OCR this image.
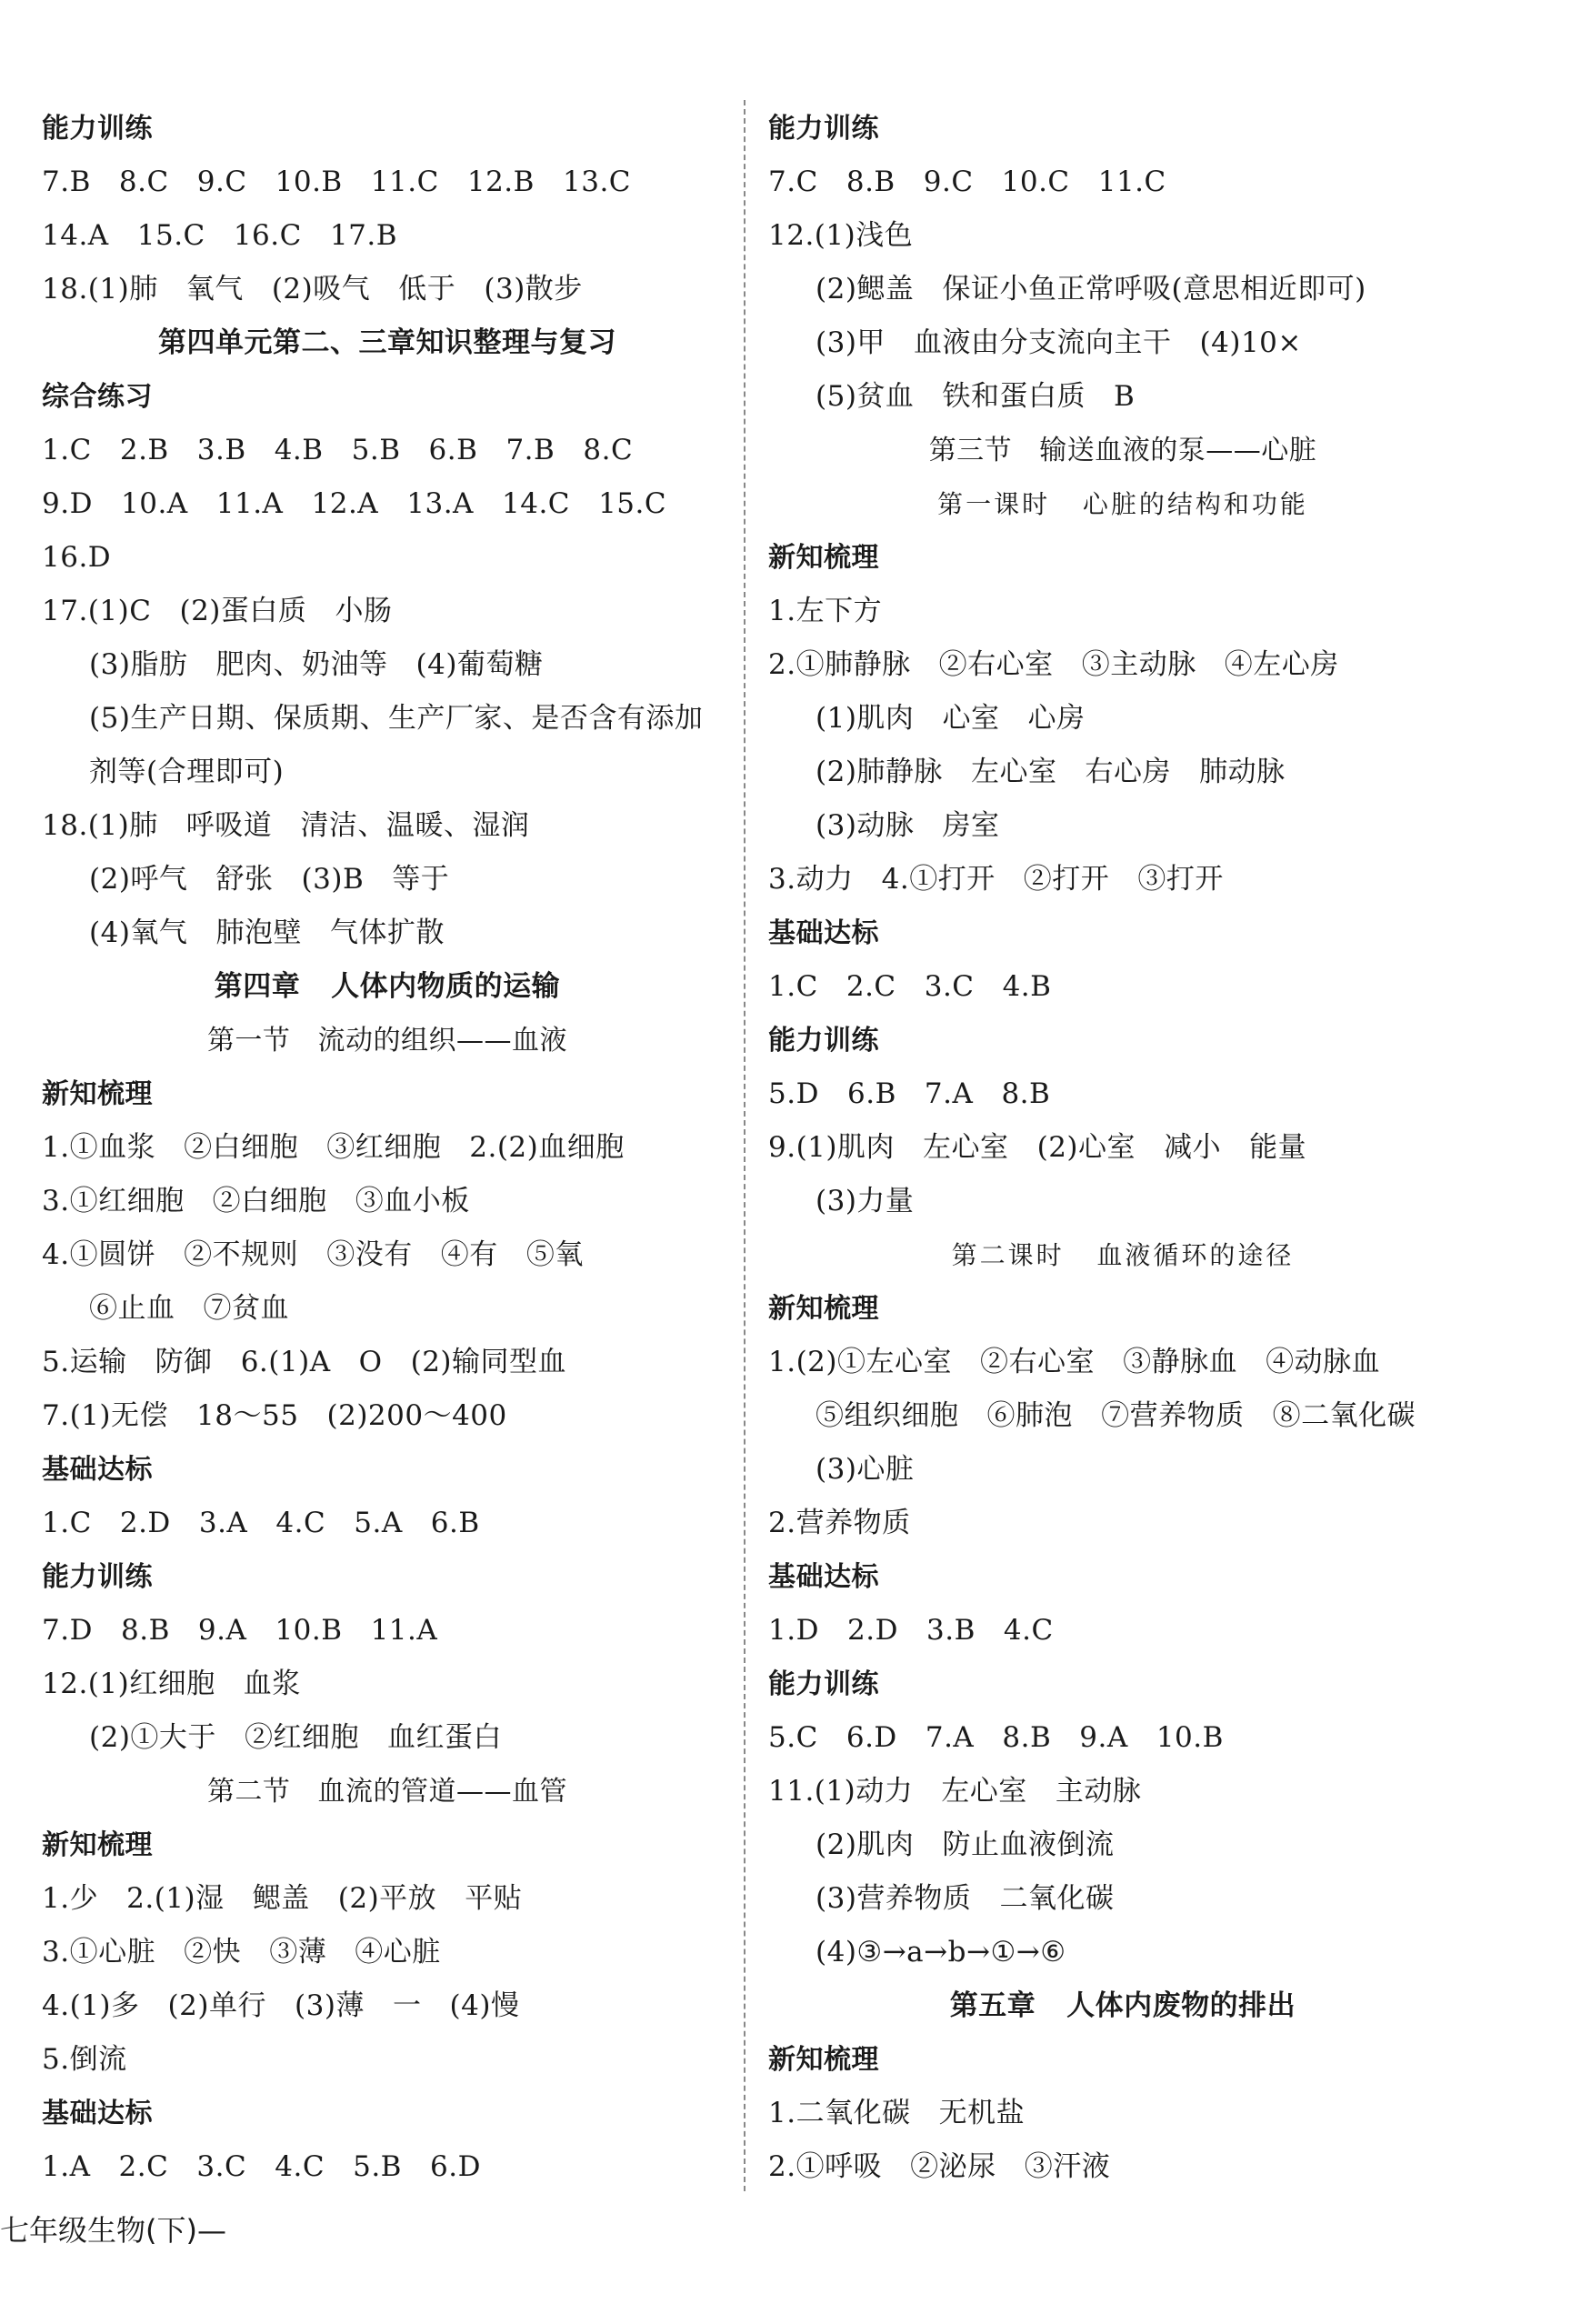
能力训练
7.B   8.C   9.C   10.B   11.C   12.B   13.C
14.A   15.C   16.C   17.B
18.(1)肺   氧气   (2)吸气   低于   (3)散步
第四单元第二、三章知识整理与复习
综合练习
1.C   2.B   3.B   4.B   5.B   6.B   7.B   8.C
9.D   10.A   11.A   12.A   13.A   14.C   15.C
16.D
17.(1)C   (2)蛋白质   小肠
(3)脂肪   肥肉、奶油等   (4)葡萄糖
(5)生产日期、保质期、生产厂家、是否含有添加
剂等(合理即可)
18.(1)肺   呼吸道   清洁、温暖、湿润
(2)呼气   舒张   (3)B   等于
(4)氧气   肺泡壁   气体扩散
第四章   人体内物质的运输
第一节   流动的组织——血液
新知梳理
1.①血浆   ②白细胞   ③红细胞   2.(2)血细胞
3.①红细胞   ②白细胞   ③血小板
4.①圆饼   ②不规则   ③没有   ④有   ⑤氧
⑥止血   ⑦贫血
5.运输   防御   6.(1)A   O   (2)输同型血
7.(1)无偿   18～55   (2)200～400
基础达标
1.C   2.D   3.A   4.C   5.A   6.B
能力训练
7.D   8.B   9.A   10.B   11.A
12.(1)红细胞   血浆
(2)①大于   ②红细胞   血红蛋白
第二节   血流的管道——血管
新知梳理
1.少   2.(1)湿   鳃盖   (2)平放   平贴
3.①心脏   ②快   ③薄   ④心脏
4.(1)多   (2)单行   (3)薄   一   (4)慢
5.倒流
基础达标
1.A   2.C   3.C   4.C   5.B   6.D
能力训练
7.C   8.B   9.C   10.C   11.C
12.(1)浅色
(2)鳃盖   保证小鱼正常呼吸(意思相近即可)
(3)甲   血液由分支流向主干   (4)10×
(5)贫血   铁和蛋白质   B
第三节   输送血液的泵——心脏
第一课时   心脏的结构和功能
新知梳理
1.左下方
2.①肺静脉   ②右心室   ③主动脉   ④左心房
(1)肌肉   心室   心房
(2)肺静脉   左心室   右心房   肺动脉
(3)动脉   房室
3.动力   4.①打开   ②打开   ③打开
基础达标
1.C   2.C   3.C   4.B
能力训练
5.D   6.B   7.A   8.B
9.(1)肌肉   左心室   (2)心室   减小   能量
(3)力量
第二课时   血液循环的途径
新知梳理
1.(2)①左心室   ②右心室   ③静脉血   ④动脉血
⑤组织细胞   ⑥肺泡   ⑦营养物质   ⑧二氧化碳
(3)心脏
2.营养物质
基础达标
1.D   2.D   3.B   4.C
能力训练
5.C   6.D   7.A   8.B   9.A   10.B
11.(1)动力   左心室   主动脉
(2)肌肉   防止血液倒流
(3)营养物质   二氧化碳
(4)③→a→b→①→⑥
第五章   人体内废物的排出
新知梳理
1.二氧化碳   无机盐
2.①呼吸   ②泌尿   ③汗液
七年级生物(下)—
